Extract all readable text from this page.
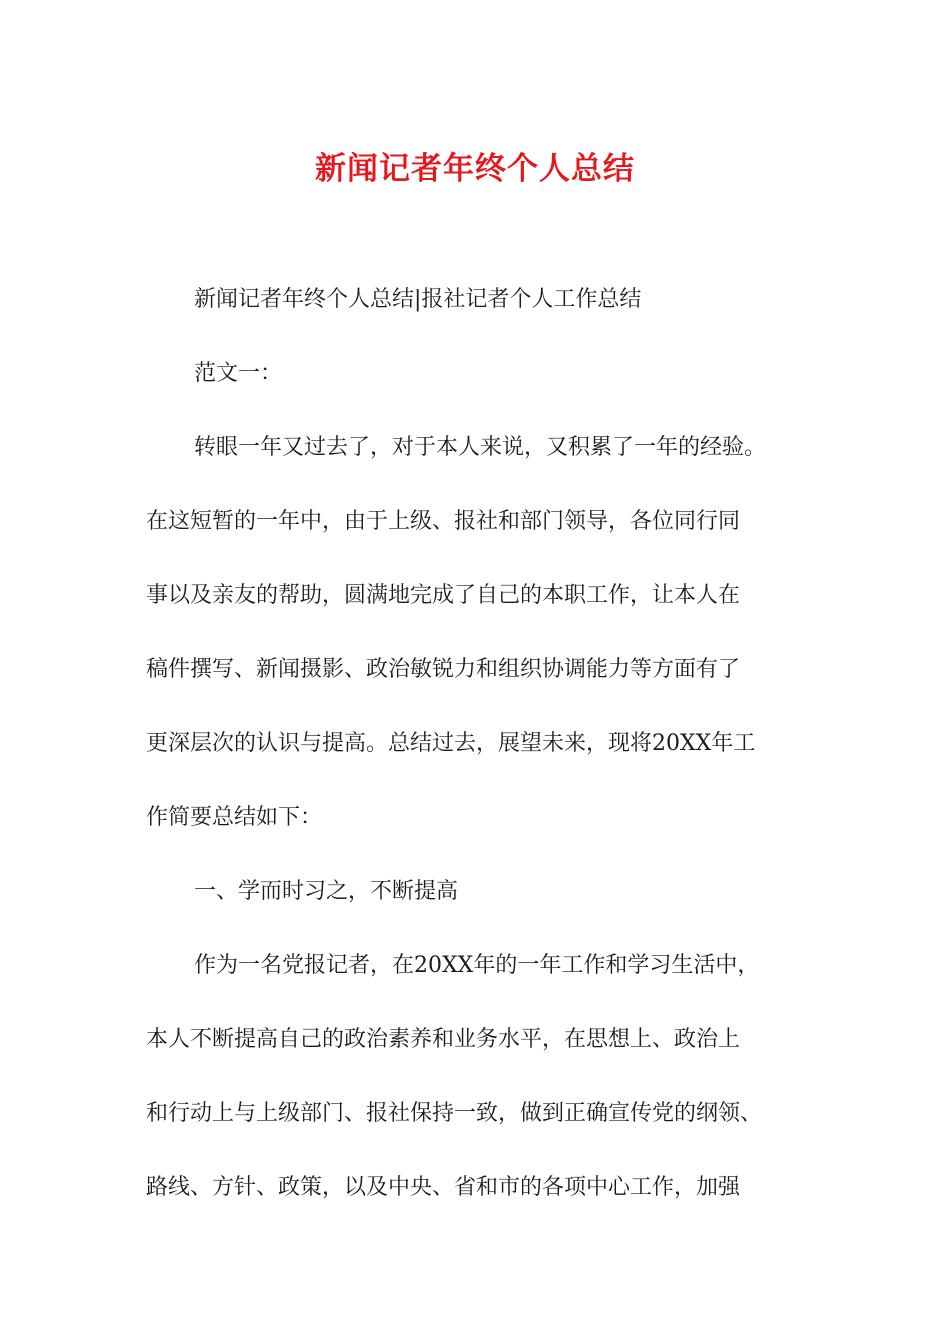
新闻记者年终个人总结
新闻记者年终个人总结|报社记者个人工作总结
范文一：
转眼一年又过去了，对于本人来说，又积累了一年的经验。
在这短暂的一年中，由于上级、报社和部门领导，各位同行同
事以及亲友的帮助，圆满地完成了自己的本职工作，让本人在
稿件撰写、新闻摄影、政治敏锐力和组织协调能力等方面有了
更深层次的认识与提高。总结过去，展望未来，现将20XX年工
作简要总结如下：
一、学而时习之，不断提高
作为一名党报记者，在20XX年的一年工作和学习生活中，
本人不断提高自己的政治素养和业务水平，在思想上、政治上
和行动上与上级部门、报社保持一致，做到正确宣传党的纲领、
路线、方针、政策，以及中央、省和市的各项中心工作，加强
